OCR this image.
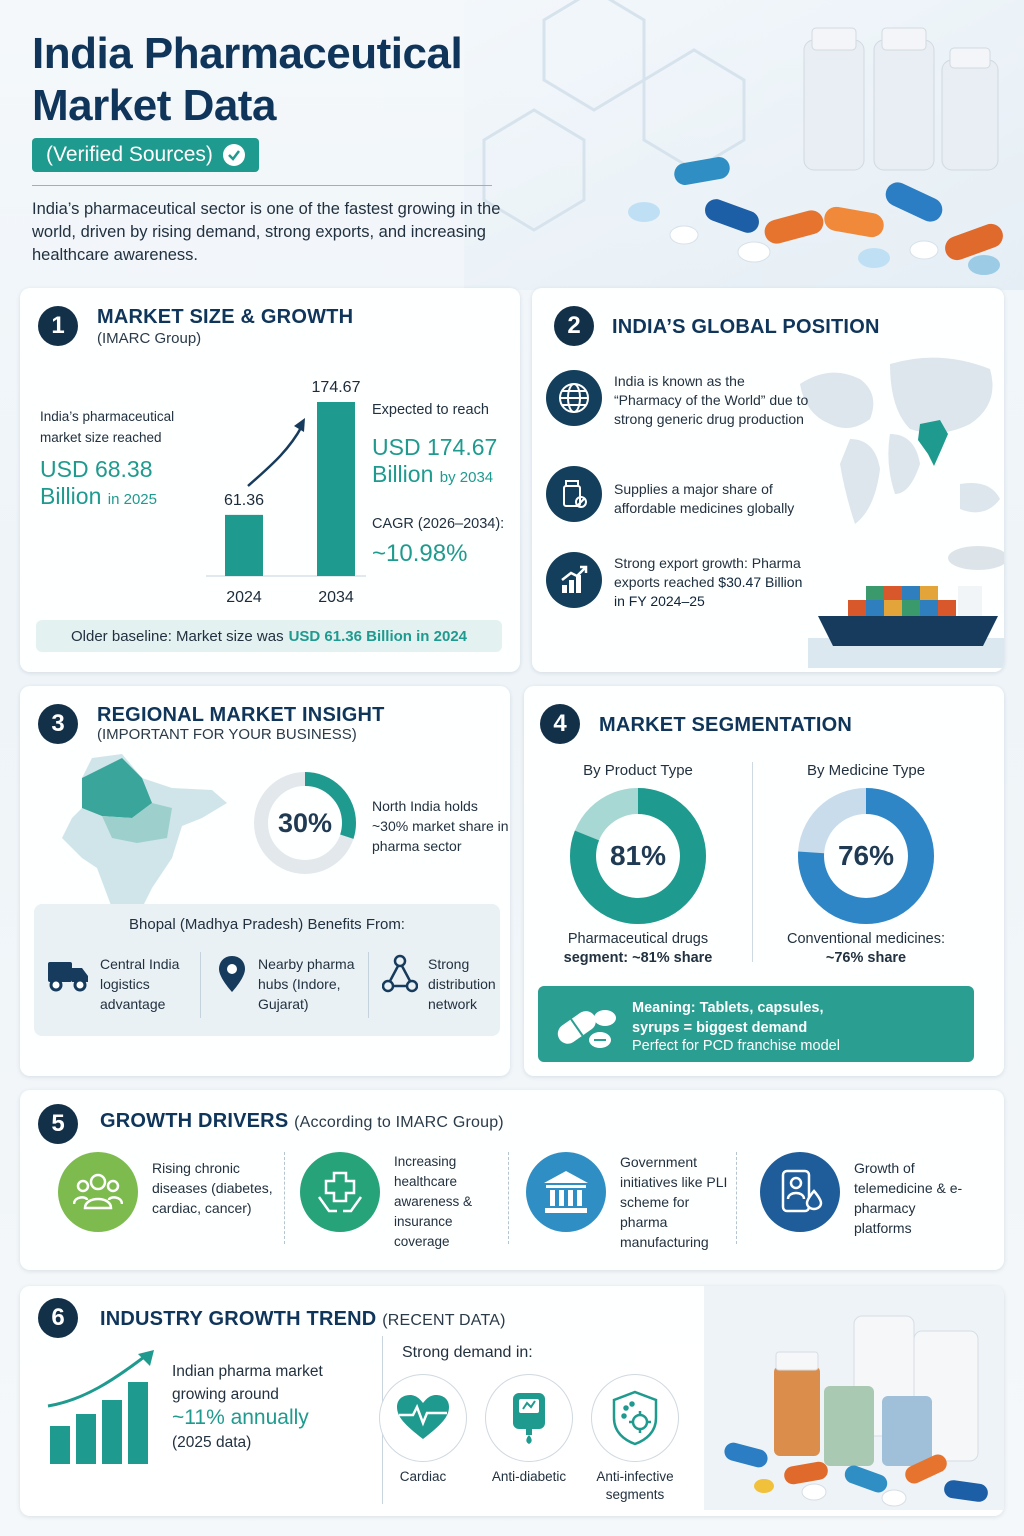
India Pharmaceutical Market Data
(Verified Sources)

India’s pharmaceutical sector is one of the fastest growing in the world, driven by rising demand, strong exports, and increasing healthcare awareness.

1	MARKET SIZE & GROWTH
(IMARC Group)
India’s pharmaceutical market size reached
USD 68.38
Billion in 2025	61.36
2024
174.67
2034
Expected to reach
USD 174.67
Billion by 2034
CAGR (2026–2034):
~10.98%
Older baseline: Market size was USD 61.36 Billion in 2024
2	INDIA’S GLOBAL POSITION
India is known as the “Pharmacy of the World” due to strong generic drug production
Supplies a major share of affordable medicines globally
Strong export growth: Pharma exports reached $30.47 Billion in FY 2024–25
3	REGIONAL MARKET INSIGHT
(IMPORTANT FOR YOUR BUSINESS)
30%
North India holds ~30% market share in pharma sector
Bhopal (Madhya Pradesh) Benefits From:
Central India logistics advantage
Nearby pharma hubs (Indore, Gujarat)
Strong distribution network
4	MARKET SEGMENTATION
By Product Type
81%
Pharmaceutical drugs
segment: ~81% share
By Medicine Type
76%
Conventional medicines:
~76% share
Meaning: Tablets, capsules,
syrups = biggest demand
Perfect for PCD franchise model
5	GROWTH DRIVERS (According to IMARC Group)
Rising chronic diseases (diabetes, cardiac, cancer)
Increasing healthcare awareness & insurance coverage
Government initiatives like PLI scheme for pharma manufacturing
Growth of telemedicine & e-pharmacy platforms
6	INDUSTRY GROWTH TREND (RECENT DATA)
Indian pharma market growing around
~11% annually
(2025 data)
Strong demand in:
Cardiac	Anti-diabetic	Anti-infective segments
